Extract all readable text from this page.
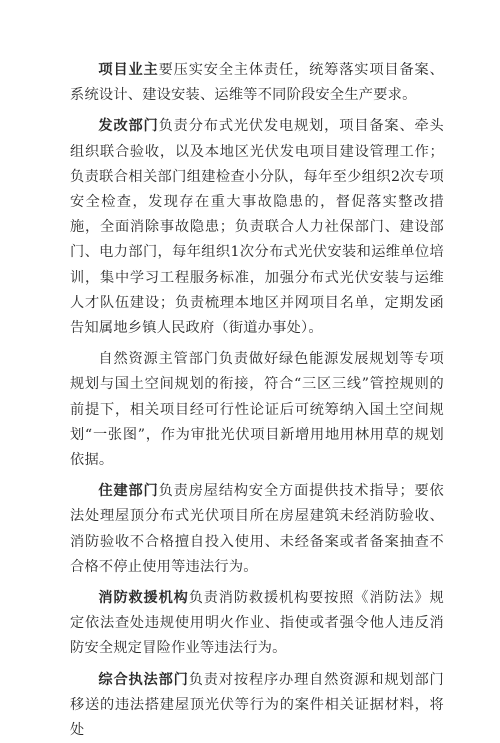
项目业主要压实安全主体责任，统筹落实项目备案、系统设计、建设安装、运维等不同阶段安全生产要求。

发改部门负责分布式光伏发电规划，项目备案、牵头组织联合验收，以及本地区光伏发电项目建设管理工作；负责联合相关部门组建检查小分队，每年至少组织2次专项安全检查，发现存在重大事故隐患的，督促落实整改措施，全面消除事故隐患；负责联合人力社保部门、建设部门、电力部门，每年组织1次分布式光伏安装和运维单位培训，集中学习工程服务标准，加强分布式光伏安装与运维人才队伍建设；负责梳理本地区并网项目名单，定期发函告知属地乡镇人民政府（街道办事处）。

自然资源主管部门负责做好绿色能源发展规划等专项规划与国土空间规划的衔接，符合“三区三线”管控规则的前提下，相关项目经可行性论证后可统筹纳入国土空间规划“一张图”，作为审批光伏项目新增用地用林用草的规划依据。

住建部门负责房屋结构安全方面提供技术指导；要依法处理屋顶分布式光伏项目所在房屋建筑未经消防验收、消防验收不合格擅自投入使用、未经备案或者备案抽查不合格不停止使用等违法行为。

消防救援机构负责消防救援机构要按照《消防法》规定依法查处违规使用明火作业、指使或者强令他人违反消防安全规定冒险作业等违法行为。

综合执法部门负责对按程序办理自然资源和规划部门移送的违法搭建屋顶光伏等行为的案件相关证据材料，将处
